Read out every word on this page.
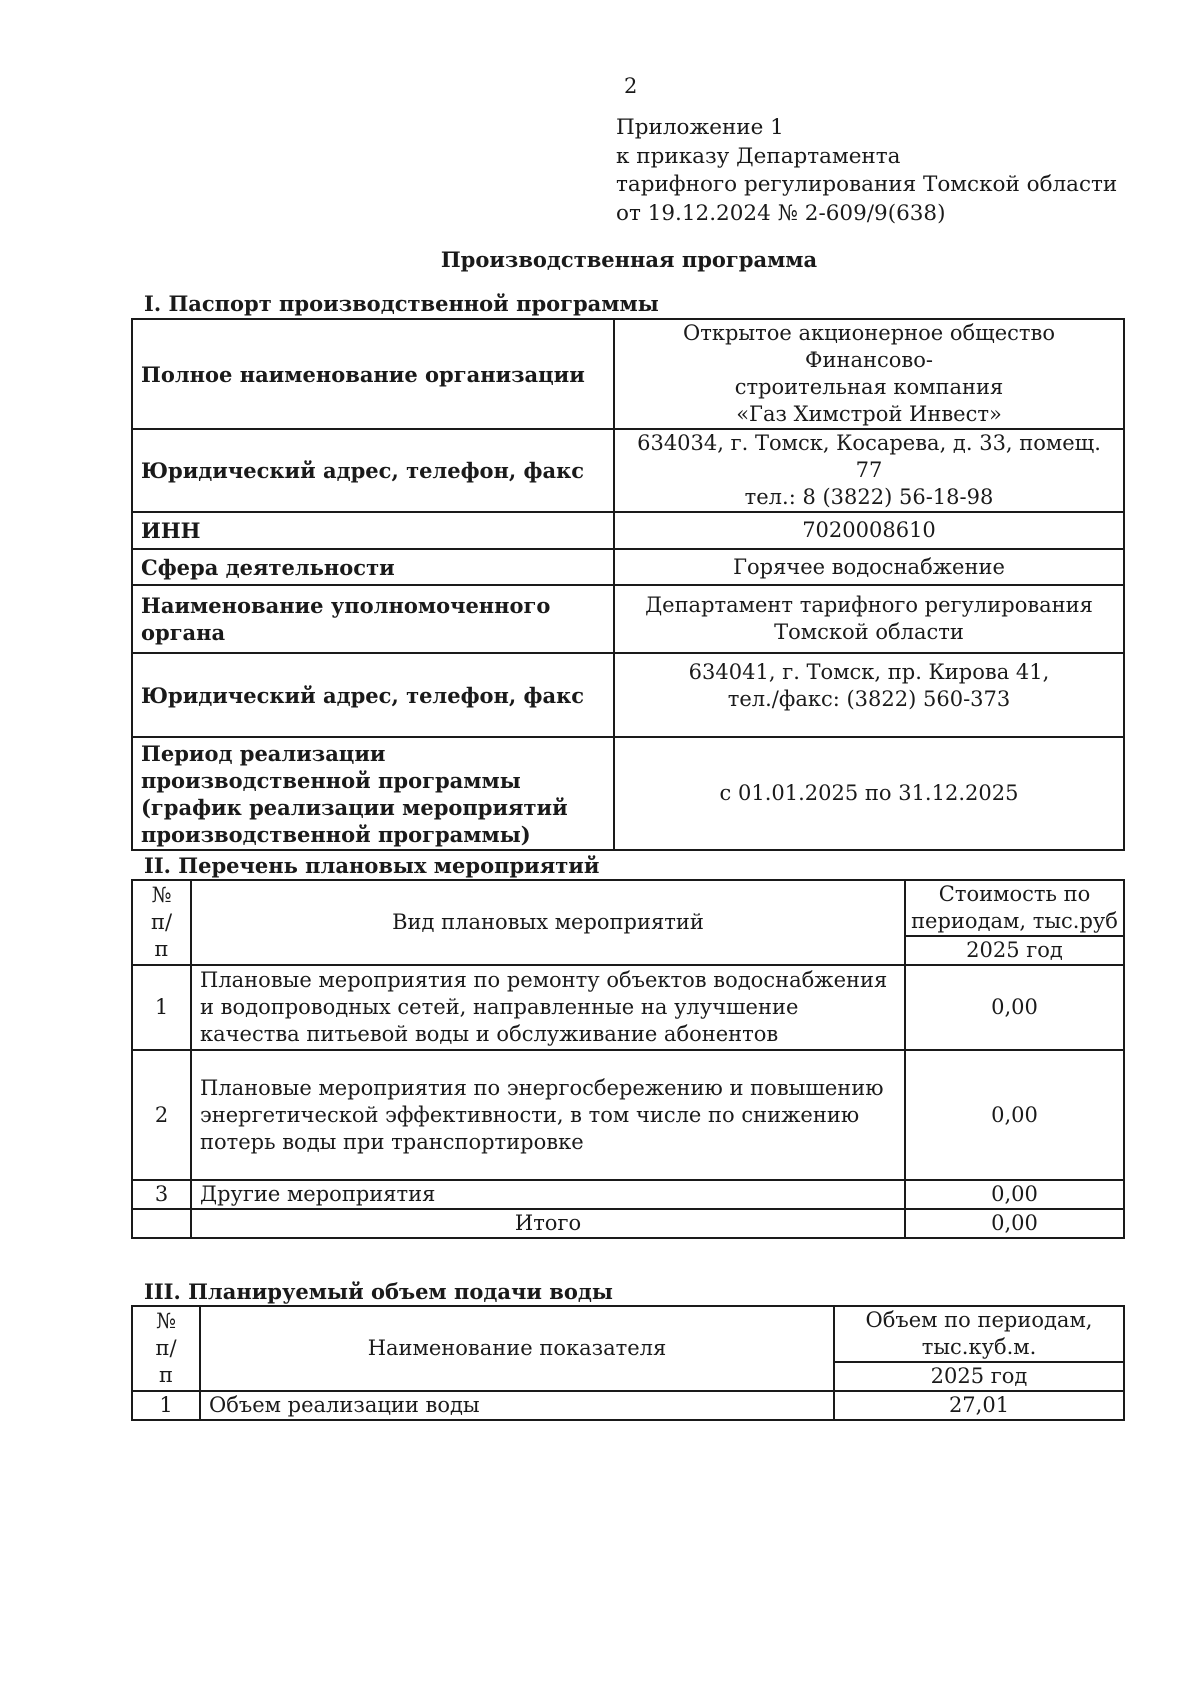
2
Приложение 1
к приказу Департамента
тарифного регулирования Томской области
от 19.12.2024 № 2-609/9(638)
Производственная программа
I. Паспорт производственной программы
Полное наименование организации	Открытое акционерное общество Финансово-
строительная компания
«Газ Химстрой Инвест»

Юридический адрес, телефон, факс	634034, г. Томск, Косарева, д. 33, помещ. 77
тел.: 8 (3822) 56-18-98

ИНН	7020008610

Сфера деятельности	Горячее водоснабжение

Наименование уполномоченного органа	Департамент тарифного регулирования
Томской области

Юридический адрес, телефон, факс	634041, г. Томск, пр. Кирова 41,
тел./факс: (3822) 560-373

Период реализации производственной программы (график реализации мероприятий производственной программы)	с 01.01.2025 по 31.12.2025
II. Перечень плановых мероприятий
№ п/п	Вид плановых мероприятий	Стоимость по периодам, тыс.руб
		2025 год
1	Плановые мероприятия по ремонту объектов водоснабжения и водопроводных сетей, направленные на улучшение качества питьевой воды и обслуживание абонентов	0,00
2	Плановые мероприятия по энергосбережению и повышению энергетической эффективности, в том числе по снижению потерь воды при транспортировке	0,00
3	Другие мероприятия	0,00
	Итого	0,00
III. Планируемый объем подачи воды
№ п/п	Наименование показателя	Объем по периодам, тыс.куб.м.
		2025 год
1	Объем реализации воды	27,01
